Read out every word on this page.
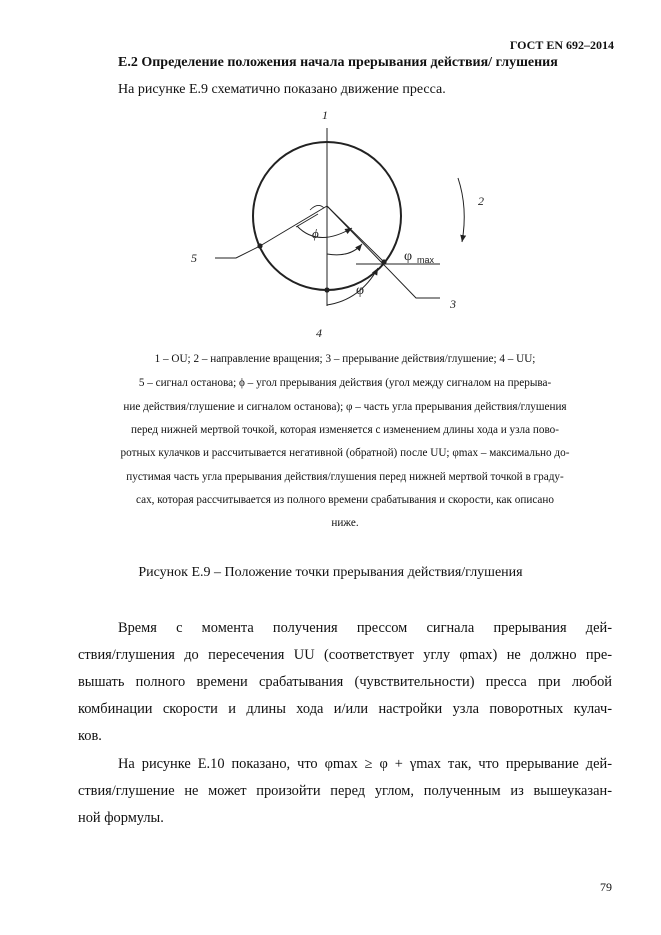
ГОСТ EN 692–2014
Е.2 Определение положения начала прерывания действия/ глушения
На рисунке Е.9 схематично показано движение пресса.
1
2
3
4
5
ϕ
φ max
φ
1 – OU; 2 – направление вращения; 3 – прерывание действия/глушение; 4 – UU;
5 – сигнал останова; ϕ – угол прерывания действия (угол между сигналом на прерыва-
ние действия/глушение и сигналом останова); φ – часть угла прерывания действия/глушения
перед нижней мертвой точкой, которая изменяется с изменением длины хода и узла пово-
ротных кулачков и рассчитывается негативной (обратной) после UU; φmax – максимально до-
пустимая часть угла прерывания действия/глушения перед нижней мертвой точкой в граду-
сах, которая рассчитывается из полного времени срабатывания и скорости, как описано
ниже.
Рисунок Е.9 – Положение точки прерывания действия/глушения
Время с момента получения прессом сигнала прерывания дей-
ствия/глушения до пересечения UU (соответствует углу φmax) не должно пре-
вышать полного времени срабатывания (чувствительности) пресса при любой
комбинации скорости и длины хода и/или настройки узла поворотных кулач-
ков.
На рисунке Е.10 показано, что φmax ≥ φ + γmax так, что прерывание дей-
ствия/глушение не может произойти перед углом, полученным из вышеуказан-
ной формулы.
79
